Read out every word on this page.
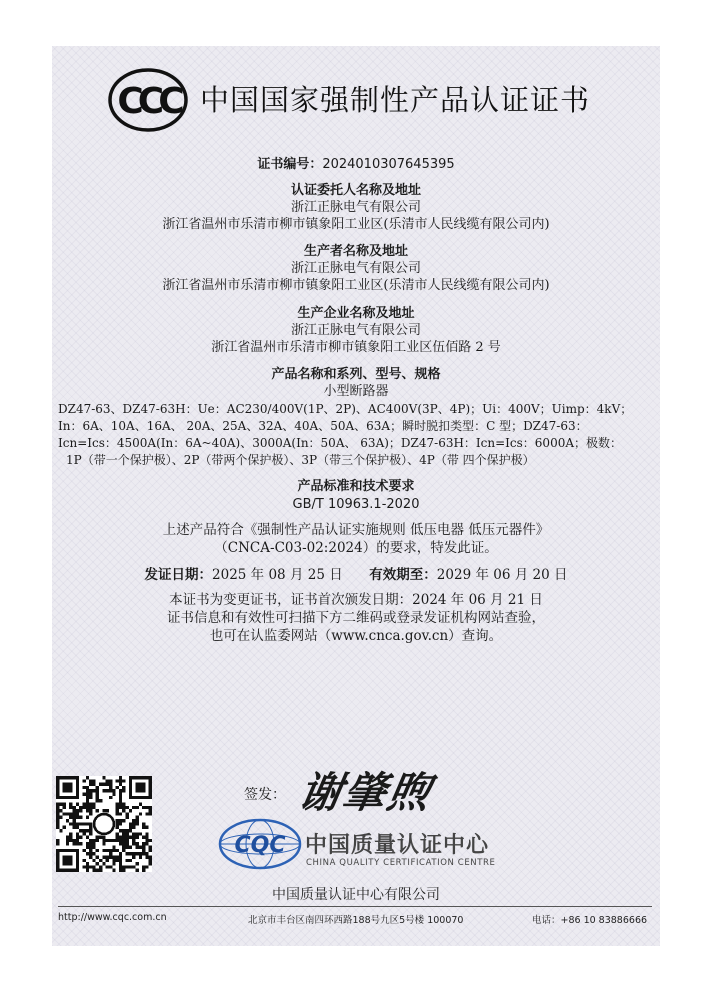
CCC 中国国家强制性产品认证证书
证书编号：2024010307645395
认证委托人名称及地址
浙江正脉电气有限公司
浙江省温州市乐清市柳市镇象阳工业区(乐清市人民线缆有限公司内)
生产者名称及地址
浙江正脉电气有限公司
浙江省温州市乐清市柳市镇象阳工业区(乐清市人民线缆有限公司内)
生产企业名称及地址
浙江正脉电气有限公司
浙江省温州市乐清市柳市镇象阳工业区伍佰路 2 号
产品名称和系列、型号、规格
小型断路器
DZ47-63、DZ47-63H：Ue：AC230/400V(1P、2P)、AC400V(3P、4P)；Ui：400V；Uimp：4kV；
In：6A、10A、16A、 20A、25A、32A、40A、50A、63A；瞬时脱扣类型：C 型；DZ47-63：
Icn=Ics：4500A(In：6A~40A)、3000A(In：50A、 63A)；DZ47-63H：Icn=Ics：6000A；极数：
1P（带一个保护极）、2P（带两个保护极）、3P（带三个保护极）、4P（带 四个保护极）
产品标准和技术要求
GB/T 10963.1-2020
上述产品符合《强制性产品认证实施规则 低压电器 低压元器件》
（CNCA-C03-02:2024）的要求，特发此证。
发证日期：2025 年 08 月 25 日 有效期至：2029 年 06 月 20 日
本证书为变更证书，证书首次颁发日期：2024 年 06 月 21 日
证书信息和有效性可扫描下方二维码或登录发证机构网站查验，
也可在认监委网站（www.cnca.gov.cn）查询。
签发： 谢肇煦
CQC 中国质量认证中心
CHINA QUALITY CERTIFICATION CENTRE
中国质量认证中心有限公司
http://www.cqc.com.cn	北京市丰台区南四环西路188号九区5号楼 100070	电话：+86 10 83886666
